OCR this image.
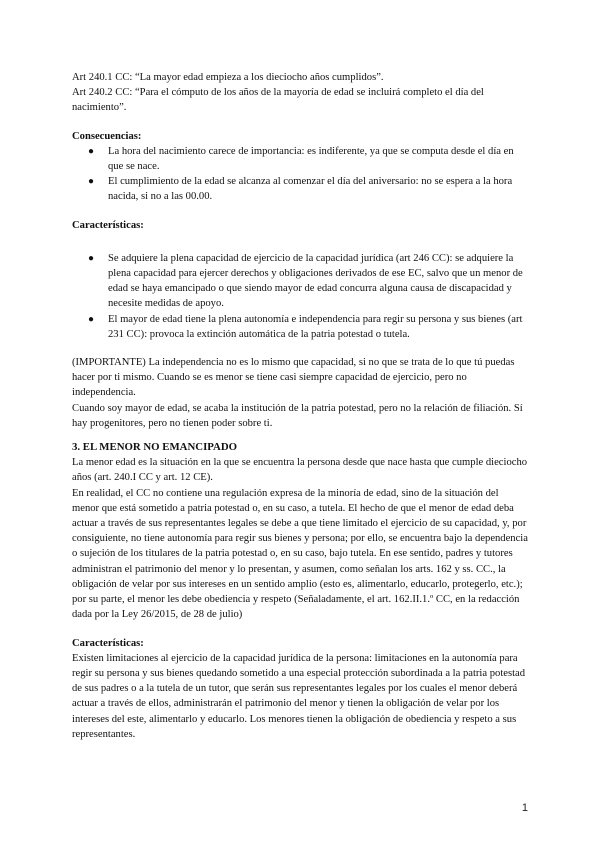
Art 240.1 CC: “La mayor edad empieza a los dieciocho años cumplidos”.

Art 240.2 CC: “Para el cómputo de los años de la mayoría de edad se incluirá completo el día del nacimiento”.

Consecuencias:

● La hora del nacimiento carece de importancia: es indiferente, ya que se computa desde el día en que se nace.
● El cumplimiento de la edad se alcanza al comenzar el día del aniversario: no se espera a la hora nacida, si no a las 00.00.

Características:

● Se adquiere la plena capacidad de ejercicio de la capacidad jurídica (art 246 CC): se adquiere la plena capacidad para ejercer derechos y obligaciones derivados de ese EC, salvo que un menor de edad se haya emancipado o que siendo mayor de edad concurra alguna causa de discapacidad y necesite medidas de apoyo.
● El mayor de edad tiene la plena autonomía e independencia para regir su persona y sus bienes (art 231 CC): provoca la extinción automática de la patria potestad o tutela.

(IMPORTANTE) La independencia no es lo mismo que capacidad, si no que se trata de lo que tú puedas hacer por ti mismo. Cuando se es menor se tiene casi siempre capacidad de ejercicio, pero no independencia.

Cuando soy mayor de edad, se acaba la institución de la patria potestad, pero no la relación de filiación. Sí hay progenitores, pero no tienen poder sobre ti.

3. EL MENOR NO EMANCIPADO

La menor edad es la situación en la que se encuentra la persona desde que nace hasta que cumple dieciocho años (art. 240.I CC y art. 12 CE).

En realidad, el CC no contiene una regulación expresa de la minoría de edad, sino de la situación del menor que está sometido a patria potestad o, en su caso, a tutela. El hecho de que el menor de edad deba actuar a través de sus representantes legales se debe a que tiene limitado el ejercicio de su capacidad, y, por consiguiente, no tiene autonomía para regir sus bienes y persona; por ello, se encuentra bajo la dependencia o sujeción de los titulares de la patria potestad o, en su caso, bajo tutela. En ese sentido, padres y tutores administran el patrimonio del menor y lo presentan, y asumen, como señalan los arts. 162 y ss. CC., la obligación de velar por sus intereses en un sentido amplio (esto es, alimentarlo, educarlo, protegerlo, etc.); por su parte, el menor les debe obediencia y respeto (Señaladamente, el art. 162.II.1.º CC, en la redacción dada por la Ley 26/2015, de 28 de julio)

Características:

Existen limitaciones al ejercicio de la capacidad jurídica de la persona: limitaciones en la autonomía para regir su persona y sus bienes quedando sometido a una especial protección subordinada a la patria potestad de sus padres o a la tutela de un tutor, que serán sus representantes legales por los cuales el menor deberá actuar a través de ellos, administrarán el patrimonio del menor y tienen la obligación de velar por los intereses del este, alimentarlo y educarlo. Los menores tienen la obligación de obediencia y respeto a sus representantes.

1
